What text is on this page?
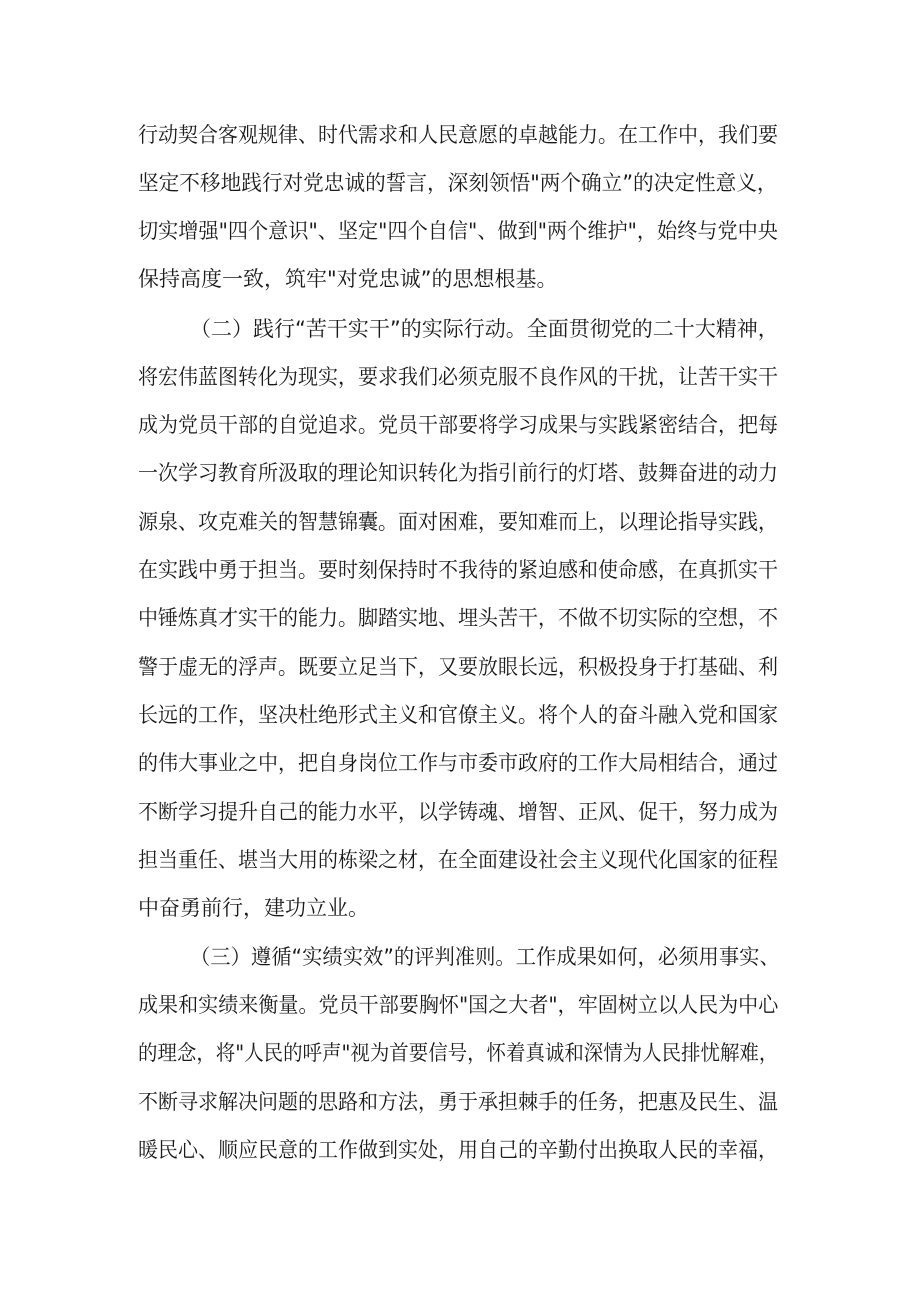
行动契合客观规律、时代需求和人民意愿的卓越能力。在工作中，我们要
坚定不移地践行对党忠诚的誓言，深刻领悟"两个确立”的决定性意义，
切实增强"四个意识"、坚定"四个自信"、做到"两个维护"，始终与党中央
保持高度一致，筑牢"对党忠诚”的思想根基。
（二）践行“苦干实干”的实际行动。全面贯彻党的二十大精神，
将宏伟蓝图转化为现实，要求我们必须克服不良作风的干扰，让苦干实干
成为党员干部的自觉追求。党员干部要将学习成果与实践紧密结合，把每
一次学习教育所汲取的理论知识转化为指引前行的灯塔、鼓舞奋进的动力
源泉、攻克难关的智慧锦囊。面对困难，要知难而上，以理论指导实践，
在实践中勇于担当。要时刻保持时不我待的紧迫感和使命感，在真抓实干
中锤炼真才实干的能力。脚踏实地、埋头苦干，不做不切实际的空想，不
警于虚无的浮声。既要立足当下，又要放眼长远，积极投身于打基础、利
长远的工作，坚决杜绝形式主义和官僚主义。将个人的奋斗融入党和国家
的伟大事业之中，把自身岗位工作与市委市政府的工作大局相结合，通过
不断学习提升自己的能力水平，以学铸魂、增智、正风、促干，努力成为
担当重任、堪当大用的栋梁之材，在全面建设社会主义现代化国家的征程
中奋勇前行，建功立业。
（三）遵循“实绩实效”的评判准则。工作成果如何，必须用事实、
成果和实绩来衡量。党员干部要胸怀"国之大者"，牢固树立以人民为中心
的理念，将"人民的呼声"视为首要信号，怀着真诚和深情为人民排忧解难，
不断寻求解决问题的思路和方法，勇于承担棘手的任务，把惠及民生、温
暖民心、顺应民意的工作做到实处，用自己的辛勤付出换取人民的幸福，
